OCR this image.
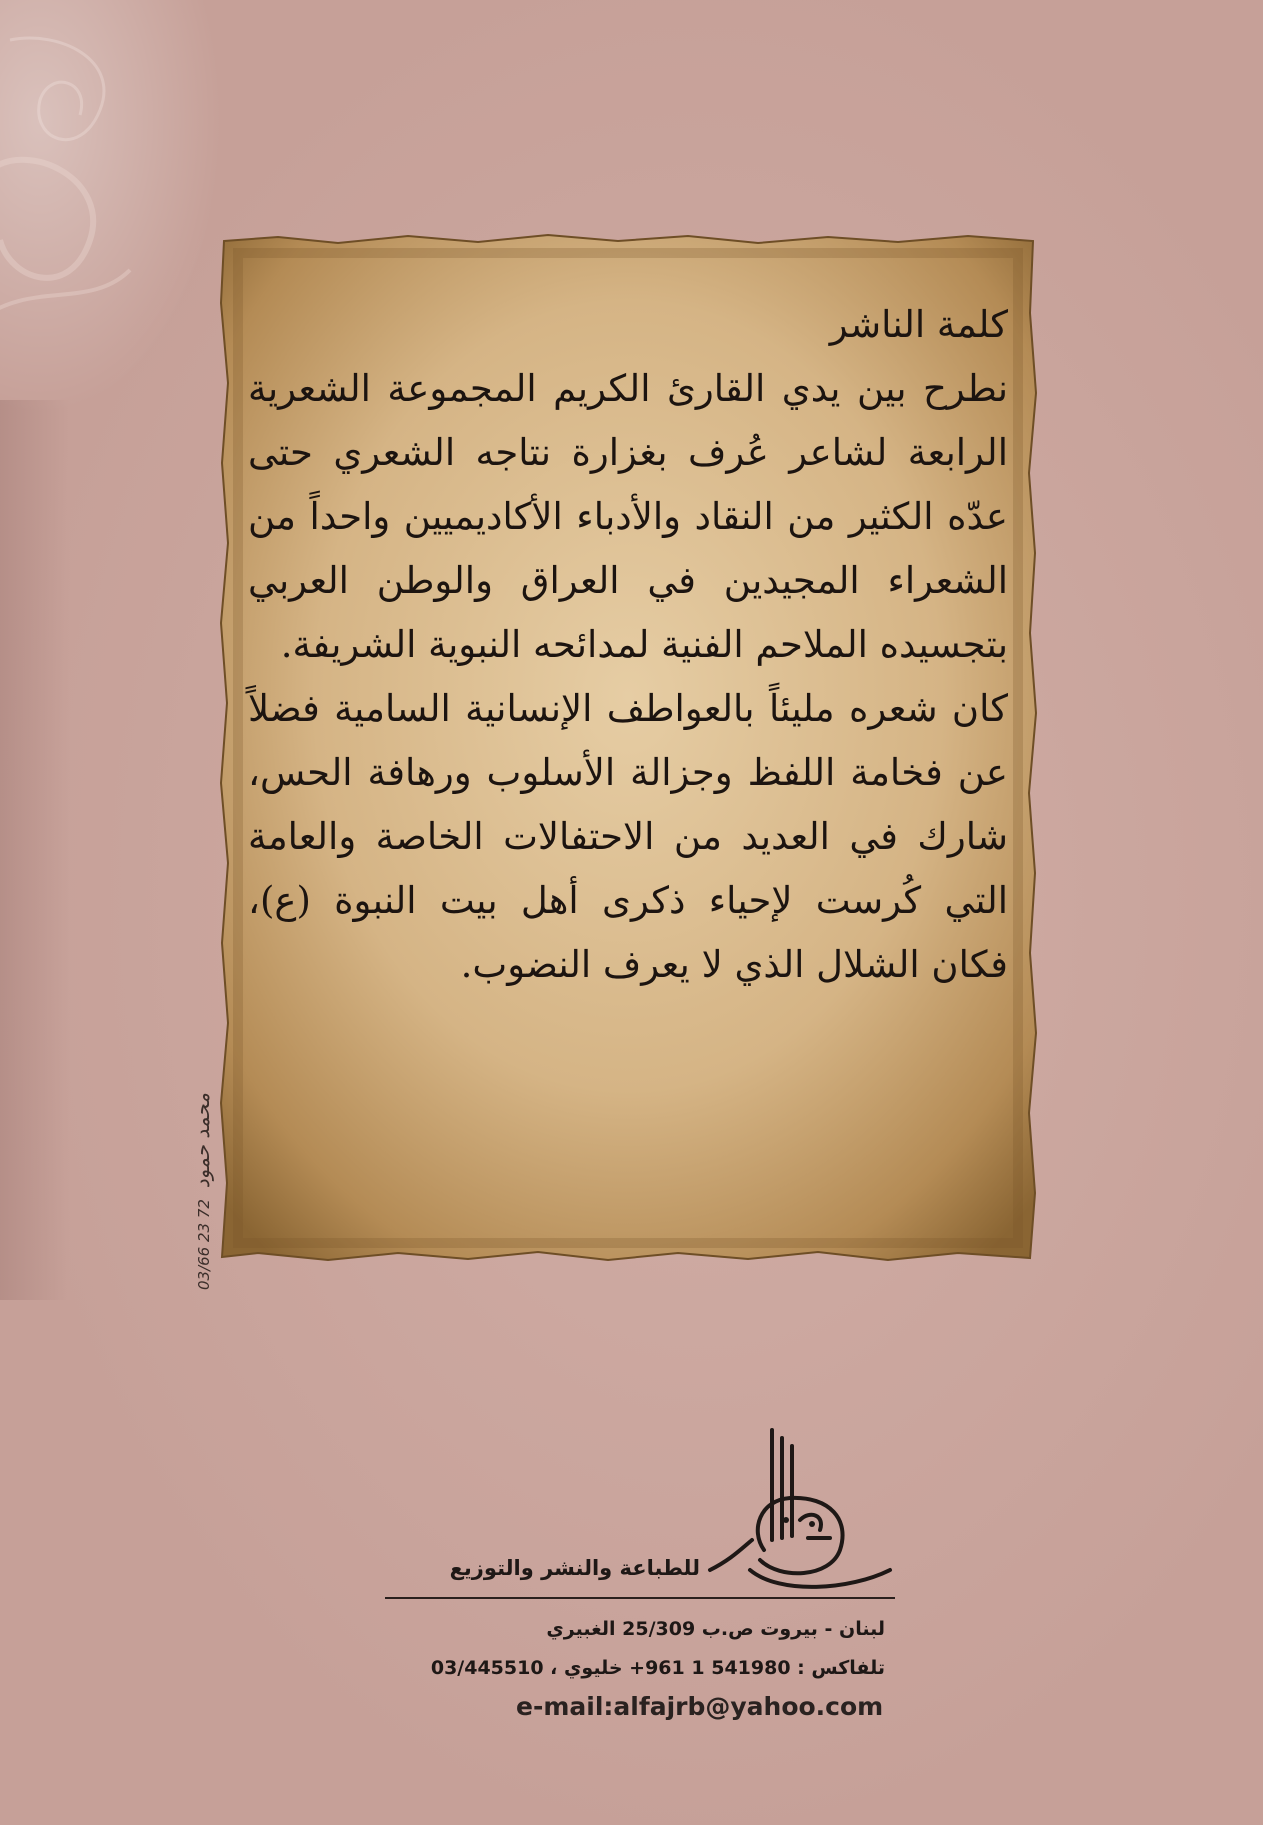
كلمة الناشر

نطرح بين يدي القارئ الكريم المجموعة الشعرية الرابعة لشاعر عُرف بغزارة نتاجه الشعري حتى عدّه الكثير من النقاد والأدباء الأكاديميين واحداً من الشعراء المجيدين في العراق والوطن العربي بتجسيده الملاحم الفنية لمدائحه النبوية الشريفة.

كان شعره مليئاً بالعواطف الإنسانية السامية فضلاً عن فخامة اللفظ وجزالة الأسلوب ورهافة الحس، شارك في العديد من الاحتفالات الخاصة والعامة التي كُرست لإحياء ذكرى أهل بيت النبوة (ع)، فكان الشلال الذي لا يعرف النضوب.

03/66 23 72 محمد حمود
للطباعة والنشر والتوزيع
لبنان - بيروت ص.ب 25/309 الغبيري
تلفاكس : 541980 1 961+ خليوي ، 03/445510
e-mail:alfajrb@yahoo.com
